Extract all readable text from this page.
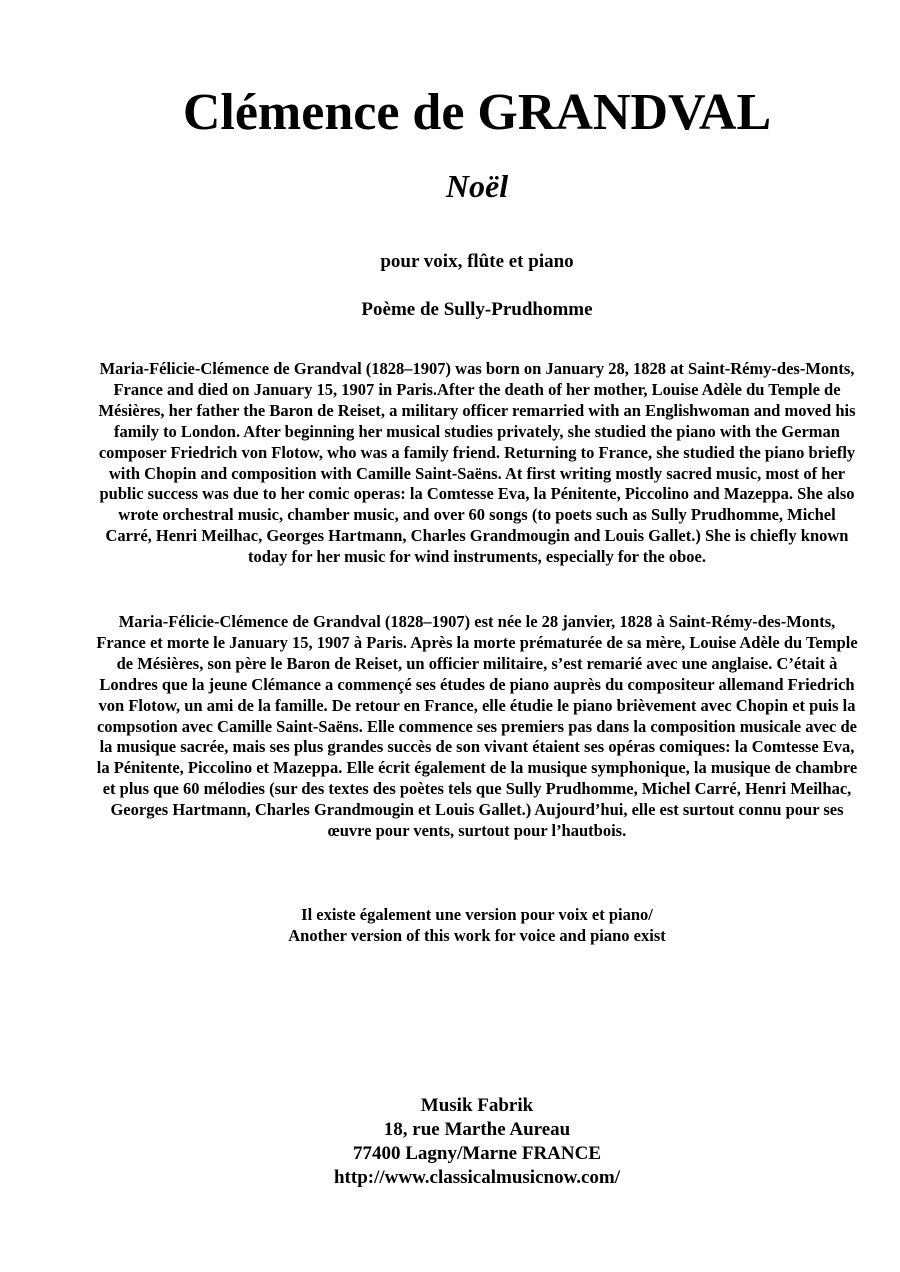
Clémence de GRANDVAL
Noël
pour voix, flûte et piano
Poème de Sully-Prudhomme

Maria-Félicie-Clémence de Grandval (1828–1907) was born on January 28, 1828 at Saint-Rémy-des-Monts, France and died on January 15, 1907 in Paris.After the death of her mother, Louise Adèle du Temple de Mésières, her father the Baron de Reiset, a military officer remarried with an Englishwoman and moved his family to London. After beginning her musical studies privately, she studied the piano with the German composer Friedrich von Flotow, who was a family friend. Returning to France, she studied the piano briefly with Chopin and composition with Camille Saint-Saëns. At first writing mostly sacred music, most of her public success was due to her comic operas: la Comtesse Eva, la Pénitente, Piccolino and Mazeppa. She also wrote orchestral music, chamber music, and over 60 songs (to poets such as Sully Prudhomme, Michel Carré, Henri Meilhac, Georges Hartmann, Charles Grandmougin and Louis Gallet.) She is chiefly known today for her music for wind instruments, especially for the oboe.

Maria-Félicie-Clémence de Grandval (1828–1907) est née le 28 janvier, 1828 à Saint-Rémy-des-Monts, France et morte le January 15, 1907 à Paris. Après la morte prématurée de sa mère, Louise Adèle du Temple de Mésières, son père le Baron de Reiset, un officier militaire, s’est remarié avec une anglaise. C’était à Londres que la jeune Clémance a commençé ses études de piano auprès du compositeur allemand Friedrich von Flotow, un ami de la famille. De retour en France, elle étudie le piano brièvement avec Chopin et puis la compsotion avec Camille Saint-Saëns. Elle commence ses premiers pas dans la composition musicale avec de la musique sacrée, mais ses plus grandes succès de son vivant étaient ses opéras comiques: la Comtesse Eva, la Pénitente, Piccolino et Mazeppa. Elle écrit également de la musique symphonique, la musique de chambre et plus que 60 mélodies (sur des textes des poètes tels que Sully Prudhomme, Michel Carré, Henri Meilhac, Georges Hartmann, Charles Grandmougin et Louis Gallet.) Aujourd’hui, elle est surtout connu pour ses œuvre pour vents, surtout pour l’hautbois.

Il existe également une version pour voix et piano/
Another version of this work for voice and piano exist
Musik Fabrik
18, rue Marthe Aureau
77400 Lagny/Marne FRANCE
http://www.classicalmusicnow.com/
